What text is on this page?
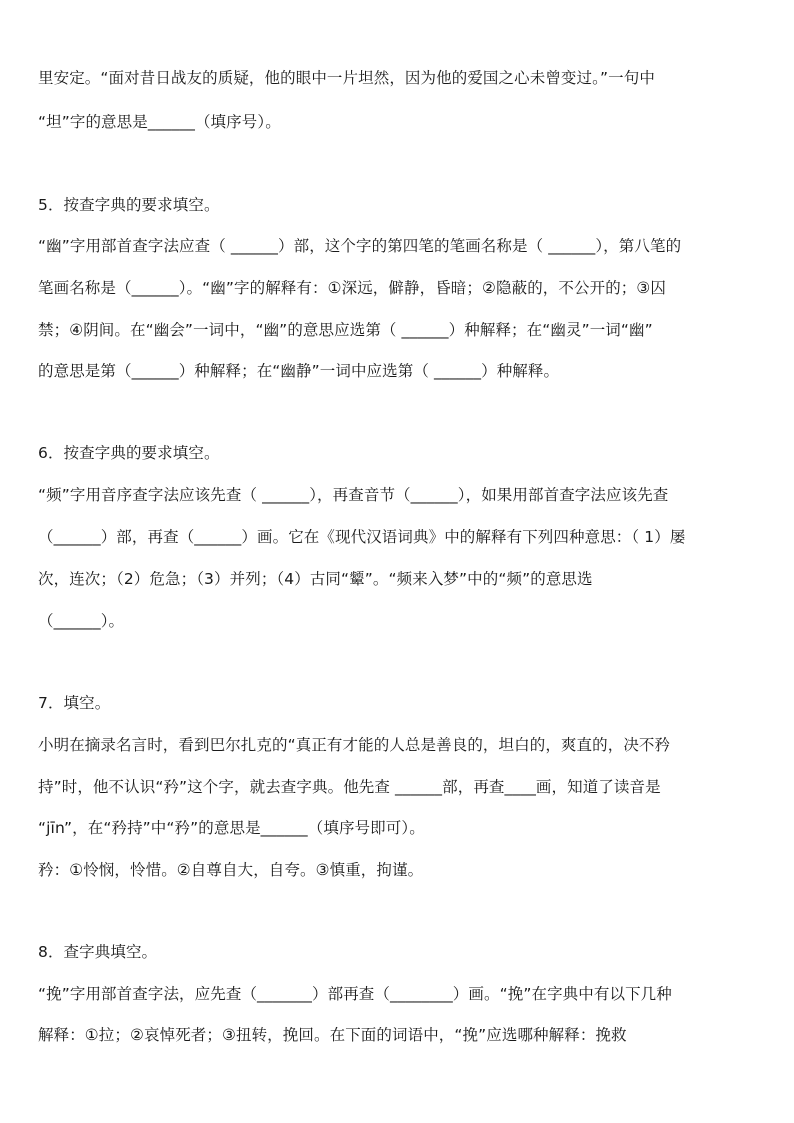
里安定。“面对昔日战友的质疑，他的眼中一片坦然，因为他的爱国之心未曾变过。”一句中
“坦”字的意思是______（填序号）。
5．按查字典的要求填空。
“幽”字用部首查字法应查（ ______）部，这个字的第四笔的笔画名称是（ ______），第八笔的
笔画名称是（______）。“幽”字的解释有：①深远，僻静，昏暗；②隐蔽的，不公开的；③囚
禁；④阴间。在“幽会”一词中，“幽”的意思应选第（ ______）种解释；在“幽灵”一词“幽”
的意思是第（______）种解释；在“幽静”一词中应选第（ ______）种解释。
6．按查字典的要求填空。
“频”字用音序查字法应该先查（ ______），再查音节（______），如果用部首查字法应该先查
（______）部，再查（______）画。它在《现代汉语词典》中的解释有下列四种意思：（ 1）屡
次，连次；（2）危急；（3）并列；（4）古同“颦”。“频来入梦”中的“频”的意思选
（______）。
7．填空。
小明在摘录名言时，看到巴尔扎克的“真正有才能的人总是善良的，坦白的，爽直的，决不矜
持”时，他不认识“矜”这个字，就去查字典。他先查 ______部，再查____画，知道了读音是
“jīn”，在“矜持”中“矜”的意思是______（填序号即可）。
矜：①怜悯，怜惜。②自尊自大，自夸。③慎重，拘谨。
8．查字典填空。
“挽”字用部首查字法，应先查（_______）部再查（________）画。“挽”在字典中有以下几种
解释：①拉；②哀悼死者；③扭转，挽回。在下面的词语中，“挽”应选哪种解释：挽救
